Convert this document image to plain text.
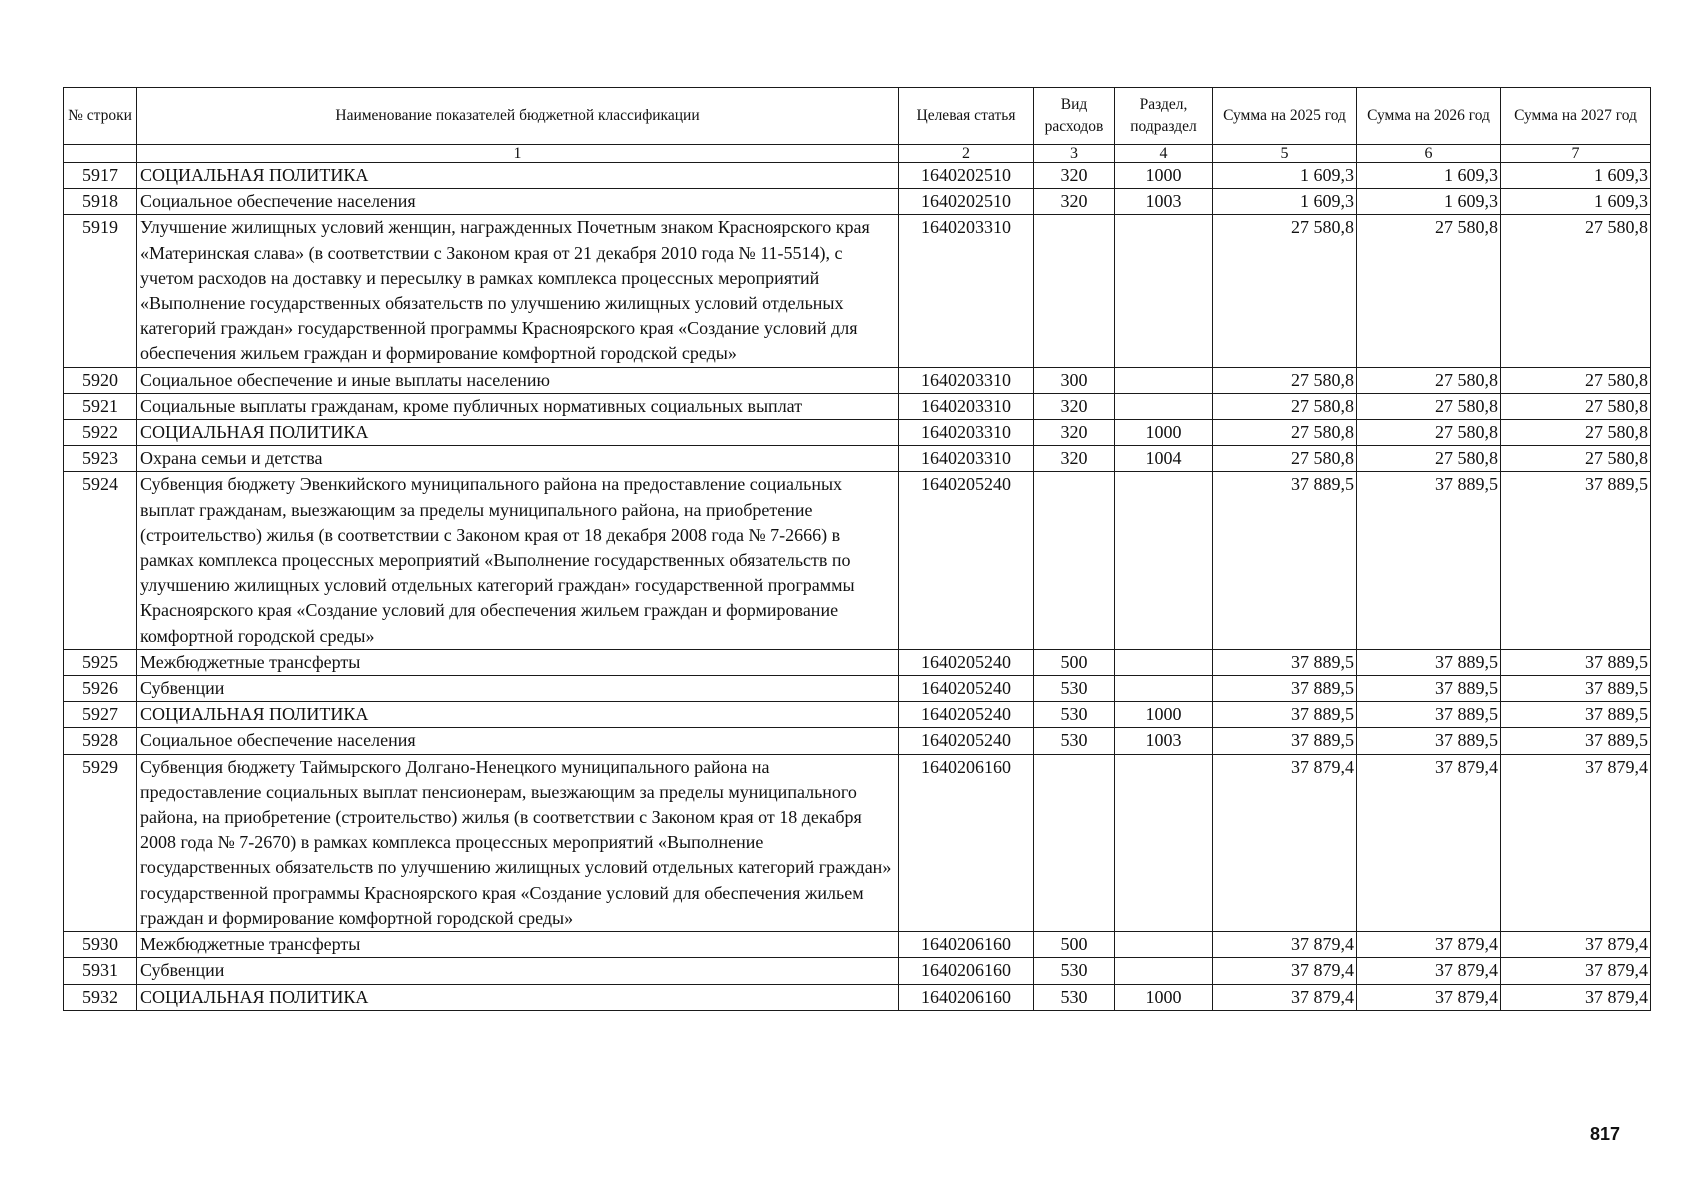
№ строки	Наименование показателей бюджетной классификации	Целевая статья	Вид расходов	Раздел, подраздел	Сумма на 2025 год	Сумма на 2026 год	Сумма на 2027 год
	1	2	3	4	5	6	7
5917	СОЦИАЛЬНАЯ ПОЛИТИКА	1640202510	320	1000	1 609,3	1 609,3	1 609,3
5918	Социальное обеспечение населения	1640202510	320	1003	1 609,3	1 609,3	1 609,3
5919	Улучшение жилищных условий женщин, награжденных Почетным знаком Красноярского края «Материнская слава» (в соответствии с Законом края от 21 декабря 2010 года № 11-5514), с учетом расходов на доставку и пересылку в рамках комплекса процессных мероприятий «Выполнение государственных обязательств по улучшению жилищных условий отдельных категорий граждан» государственной программы Красноярского края «Создание условий для обеспечения жильем граждан и формирование комфортной городской среды»	1640203310			27 580,8	27 580,8	27 580,8
5920	Социальное обеспечение и иные выплаты населению	1640203310	300		27 580,8	27 580,8	27 580,8
5921	Социальные выплаты гражданам, кроме публичных нормативных социальных выплат	1640203310	320		27 580,8	27 580,8	27 580,8
5922	СОЦИАЛЬНАЯ ПОЛИТИКА	1640203310	320	1000	27 580,8	27 580,8	27 580,8
5923	Охрана семьи и детства	1640203310	320	1004	27 580,8	27 580,8	27 580,8
5924	Субвенция бюджету Эвенкийского муниципального района на предоставление социальных выплат гражданам, выезжающим за пределы муниципального района, на приобретение (строительство) жилья (в соответствии с Законом края от 18 декабря 2008 года № 7-2666) в рамках комплекса процессных мероприятий «Выполнение государственных обязательств по улучшению жилищных условий отдельных категорий граждан» государственной программы Красноярского края «Создание условий для обеспечения жильем граждан и формирование комфортной городской среды»	1640205240			37 889,5	37 889,5	37 889,5
5925	Межбюджетные трансферты	1640205240	500		37 889,5	37 889,5	37 889,5
5926	Субвенции	1640205240	530		37 889,5	37 889,5	37 889,5
5927	СОЦИАЛЬНАЯ ПОЛИТИКА	1640205240	530	1000	37 889,5	37 889,5	37 889,5
5928	Социальное обеспечение населения	1640205240	530	1003	37 889,5	37 889,5	37 889,5
5929	Субвенция бюджету Таймырского Долгано-Ненецкого муниципального района на предоставление социальных выплат пенсионерам, выезжающим за пределы муниципального района, на приобретение (строительство) жилья (в соответствии с Законом края от 18 декабря 2008 года № 7-2670) в рамках комплекса процессных мероприятий «Выполнение государственных обязательств по улучшению жилищных условий отдельных категорий граждан» государственной программы Красноярского края «Создание условий для обеспечения жильем граждан и формирование комфортной городской среды»	1640206160			37 879,4	37 879,4	37 879,4
5930	Межбюджетные трансферты	1640206160	500		37 879,4	37 879,4	37 879,4
5931	Субвенции	1640206160	530		37 879,4	37 879,4	37 879,4
5932	СОЦИАЛЬНАЯ ПОЛИТИКА	1640206160	530	1000	37 879,4	37 879,4	37 879,4
817
